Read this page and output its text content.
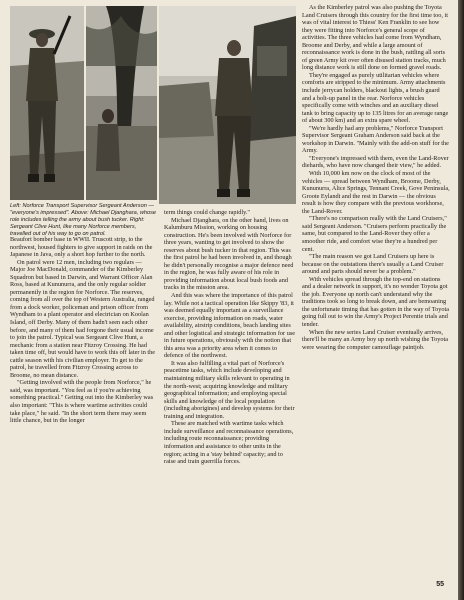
Left: Norforce Transport Supervisor Sergeant Anderson — "everyone's impressed". Above: Michael Djanghara, whose role includes telling the army about bush tucker. Right: Sergeant Clive Hunt, like many Norforce members, travelled out of his way to go on patrol.

Beaufort bomber base in WWII. Truscott strip, to the northwest, housed fighters to give support in raids on the Japanese in Java, only a short hop further to the north.

On patrol were 12 men, including two regulars — Major Joe MacDonald, commander of the Kimberley Squadron but based in Darwin, and Warrant Officer Alan Ross, based at Kununurra, and the only regular soldier permanently in the region for Norforce. The reserves, coming from all over the top of Western Australia, ranged from a dock worker, policeman and prison officer from Wyndham to a plant operator and electrician on Koolan Island, off Derby. Many of them hadn't seen each other before, and many of them had forgone their usual income to join the patrol. Typical was Sergeant Clive Hunt, a mechanic from a station near Fitzroy Crossing. He had taken time off, but would have to work this off later in the cattle season with his civilian employer. To get to the patrol, he travelled from Fitzroy Crossing across to Broome, no mean distance.

"Getting involved with the people from Norforce," he said, was important. "You feel as if you're achieving something practical." Getting out into the Kimberley was also important: "This is where wartime activities could take place," he said. "In the short term there may seem little chance, but in the longer

term things could change rapidly."

Michael Djanghara, on the other hand, lives on Kalumburu Mission, working on housing construction. He's been involved with Norforce for three years, wanting to get involved to show the reserves about bush tucker in that region. This was the first patrol he had been involved in, and though he didn't personally recognise a major defence need in the region, he was fully aware of his role in providing information about local bush foods and tracks in the mission area.

And this was where the importance of this patrol lay. While not a tactical operation like Skippy '83, it was deemed equally important as a surveillance exercise, providing information on roads, water availability, airstrip conditions, beach landing sites and other logistical and strategic information for use in future operations, obviously with the notion that this area was a priority area when it comes to defence of the northwest.

It was also fulfilling a vital part of Norforce's peacetime tasks, which include developing and maintaining military skills relevant to operating in the north-west; acquiring knowledge and military geographical information; and employing special skills and knowledge of the local population (including aborigines) and develop systems for their training and integration.

These are matched with wartime tasks which include surveillance and reconnaissance operations, including route reconnaissance; providing information and assistance to other units in the region; acting in a 'stay behind' capacity; and to raise and train guerrilla forces.

As the Kimberley patrol was also pushing the Toyota Land Cruisers through this country for the first time too, it was of vital interest to Thiess' Ken Franklin to see how they were fitting into Norforce's general scope of activities. The three vehicles had come from Wyndham, Broome and Derby, and while a large amount of reconnaissance work is done in the bush, rattling all sorts of green Army kit over often disused station tracks, much long distance work is still done on formed gravel roads.

They're engaged as purely utilitarian vehicles where comforts are stripped to the minimum. Army attachments include jerrycan holders, blackout lights, a brush guard and a bolt-up panel in the rear. Norforce vehicles specifically come with winches and an auxiliary diesel tank to bring capacity up to 135 litres for an average range of about 300 km) and an extra spare wheel.

"We're hardly had any problems," Norforce Transport Supervisor Sergeant Graham Anderson said back at the workshop in Darwin. "Mainly with the add-on stuff for the Army.

"Everyone's impressed with them, even the Land-Rover diehards, who have now changed their view," he added.

With 10,000 km now on the clock of most of the vehicles — spread between Wyndham, Broome, Derby, Kununurra, Alice Springs, Tennant Creek, Gove Peninsula, Groote Eylandt and the rest in Darwin — the obvious result is how they compare with the previous workhorse, the Land-Rover.

"There's no comparison really with the Land Cruisers," said Sergeant Anderson. "Cruisers perform practically the same, but compared to the Land-Rover they offer a smoother ride, and comfort wise they're a hundred per cent.

"The main reason we got Land Cruisers up here is because on the outstations there's usually a Land Cruiser around and parts should never be a problem."

With vehicles spread through the top-end on stations and a dealer network in support, it's no wonder Toyota got the job. Everyone up north can't understand why the traditions took so long to break down, and are bemoaning the unfortunate timing that has gotten in the way of Toyota going full out to win the Army's Project Perentie trials and tender.

When the new series Land Cruiser eventually arrives, there'll be many an Army boy up north wishing the Toyota were wearing the computer camouflage paintjob.

55
